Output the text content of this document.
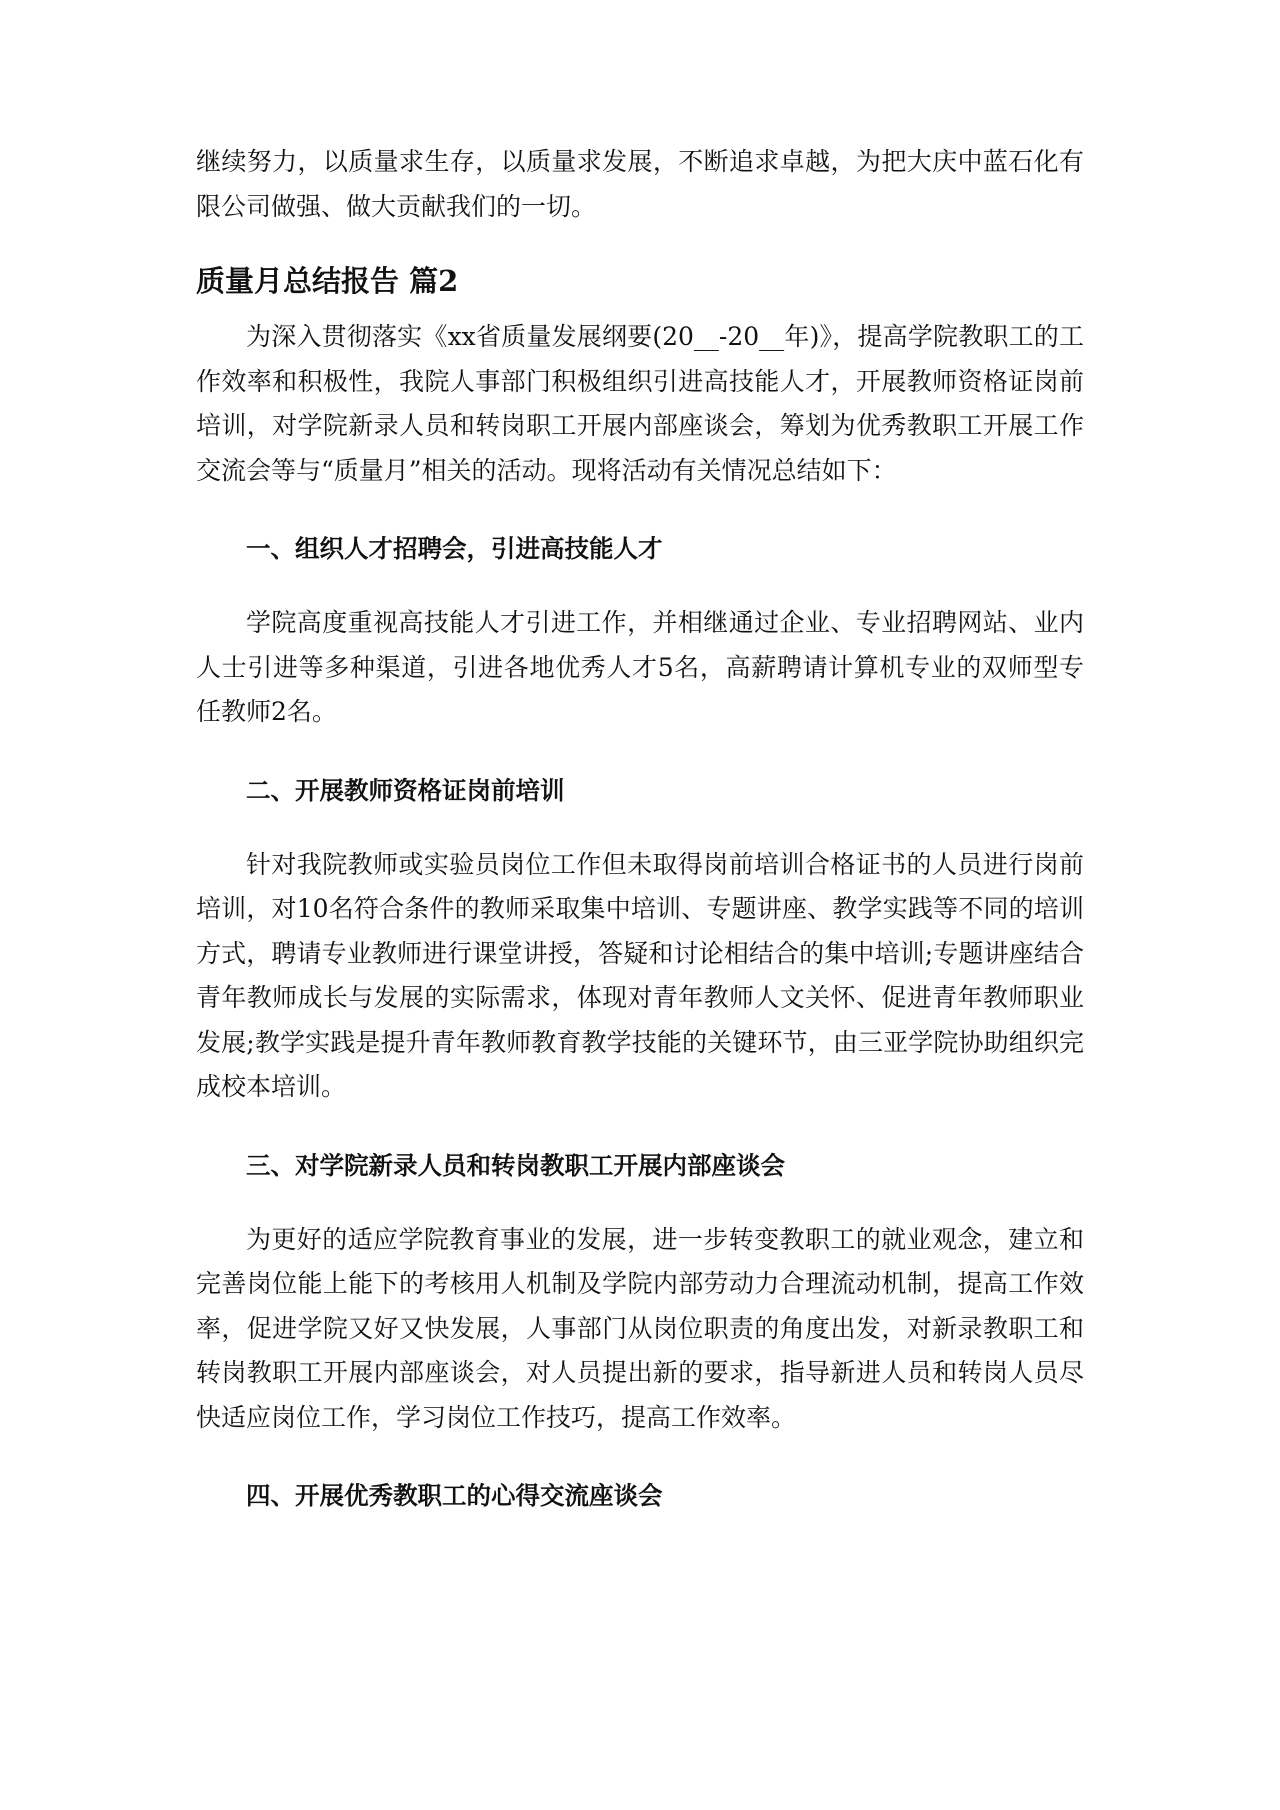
继续努力，以质量求生存，以质量求发展，不断追求卓越，为把大庆中蓝石化有限公司做强、做大贡献我们的一切。

质量月总结报告 篇2

为深入贯彻落实《xx省质量发展纲要(20__-20__年)》，提高学院教职工的工作效率和积极性，我院人事部门积极组织引进高技能人才，开展教师资格证岗前培训，对学院新录人员和转岗职工开展内部座谈会，筹划为优秀教职工开展工作交流会等与“质量月”相关的活动。现将活动有关情况总结如下：

一、组织人才招聘会，引进高技能人才

学院高度重视高技能人才引进工作，并相继通过企业、专业招聘网站、业内人士引进等多种渠道，引进各地优秀人才5名，高薪聘请计算机专业的双师型专任教师2名。

二、开展教师资格证岗前培训

针对我院教师或实验员岗位工作但未取得岗前培训合格证书的人员进行岗前培训，对10名符合条件的教师采取集中培训、专题讲座、教学实践等不同的培训方式，聘请专业教师进行课堂讲授，答疑和讨论相结合的集中培训;专题讲座结合青年教师成长与发展的实际需求，体现对青年教师人文关怀、促进青年教师职业发展;教学实践是提升青年教师教育教学技能的关键环节，由三亚学院协助组织完成校本培训。

三、对学院新录人员和转岗教职工开展内部座谈会

为更好的适应学院教育事业的发展，进一步转变教职工的就业观念，建立和完善岗位能上能下的考核用人机制及学院内部劳动力合理流动机制，提高工作效率，促进学院又好又快发展，人事部门从岗位职责的角度出发，对新录教职工和转岗教职工开展内部座谈会，对人员提出新的要求，指导新进人员和转岗人员尽快适应岗位工作，学习岗位工作技巧，提高工作效率。

四、开展优秀教职工的心得交流座谈会
